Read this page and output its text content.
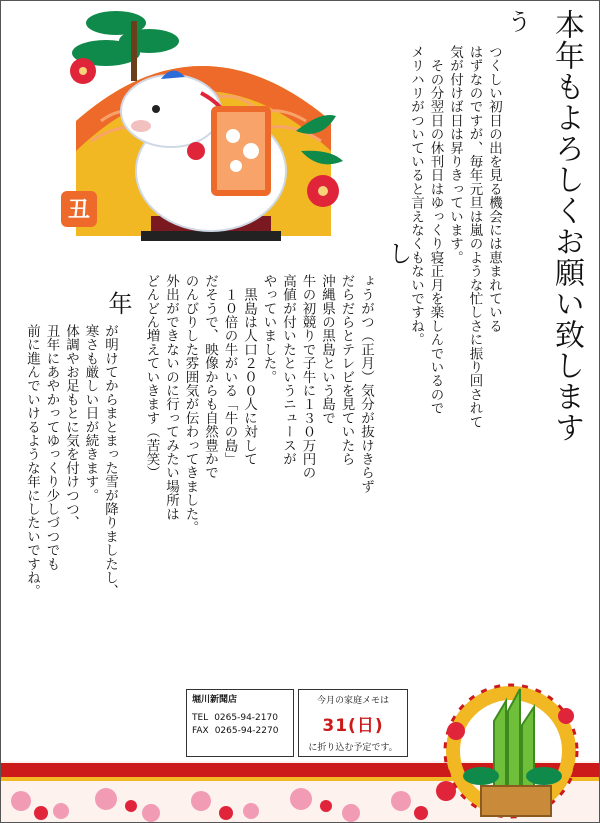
丑	本年もよろしくお願い致します
う
つくしい初日の出を見る機会には恵まれている
はずなのですが、毎年元旦は嵐のような忙しさに振り回されて
気が付けば日は昇りきっています。
　その分翌日の休刊日はゆっくり寝正月を楽しんでいるので
メリハリがついていると言えなくもないですね。
し
ょうがつ（正月）気分が抜けきらず
だらだらとテレビを見ていたら
沖縄県の黒島という島で
牛の初競りで子牛に１３０万円の
高値が付いたというニュースが
やっていました。
　黒島は人口２００人に対して
　１０倍の牛がいる「牛の島」
だそうで、映像からも自然豊かで
のんびりした雰囲気が伝わってきました。
外出ができないのに行ってみたい場所は
どんどん増えていきます（苦笑）
年
が明けてからまとまった雪が降りましたし、
寒さも厳しい日が続きます。
体調やお足もとに気を付けつつ、
丑年にあやかってゆっくり少しづつでも
前に進んでいけるような年にしたいですね。
堀川新聞店
TEL 0265-94-2170
FAX 0265-94-2270
今月の家庭メモは
31(日)
に折り込む予定です。
